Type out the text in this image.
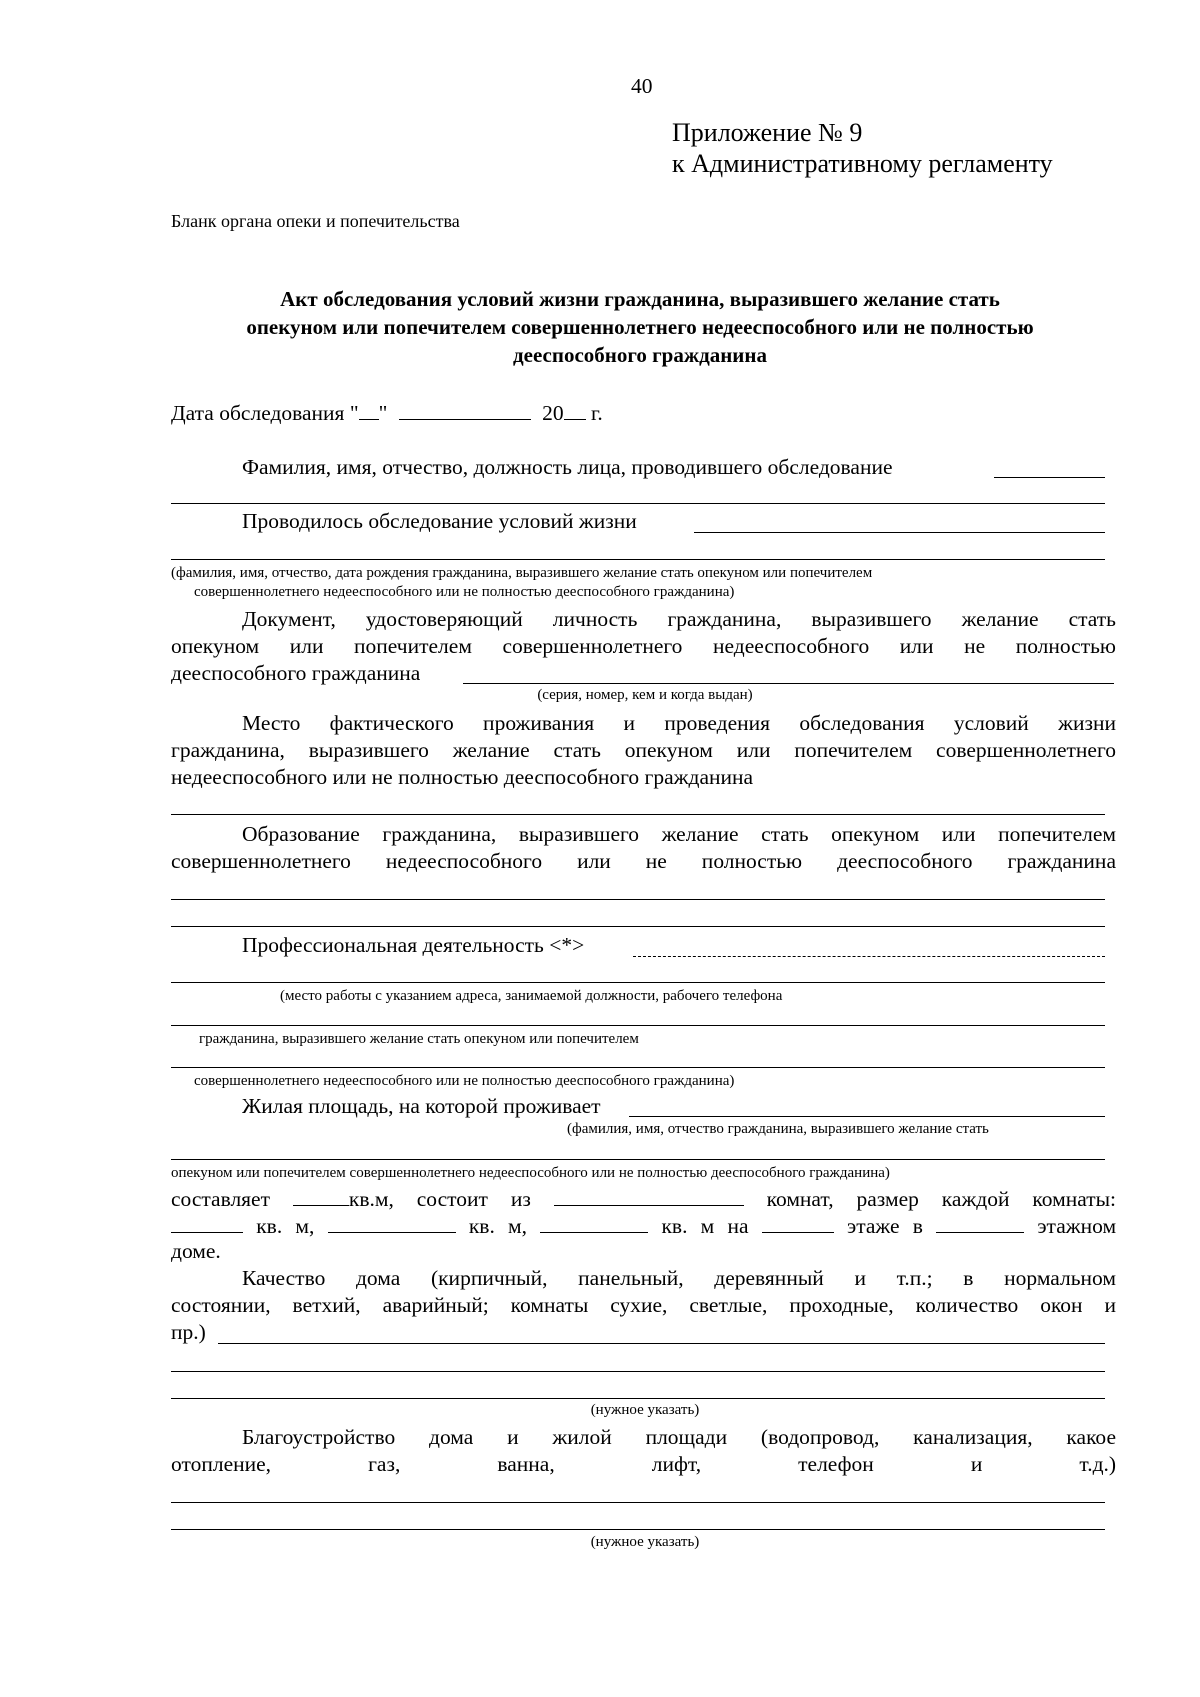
40
Приложение № 9
к Административному регламенту
Бланк органа опеки и попечительства
Акт обследования условий жизни гражданина, выразившего желание стать
опекуном или попечителем совершеннолетнего недееспособного или не полностью
дееспособного гражданина
Дата обследования " "	20 г.
Фамилия, имя, отчество, должность лица, проводившего обследование
Проводилось обследование условий жизни
(фамилия, имя, отчество, дата рождения гражданина, выразившего желание стать опекуном или попечителем
совершеннолетнего недееспособного или не полностью дееспособного гражданина)
Документ, удостоверяющий личность гражданина, выразившего желание стать
опекуном или попечителем совершеннолетнего недееспособного или не полностью
дееспособного гражданина
(серия, номер, кем и когда выдан)
Место фактического проживания и проведения обследования условий жизни
гражданина, выразившего желание стать опекуном или попечителем совершеннолетнего
недееспособного или не полностью дееспособного гражданина
Образование гражданина, выразившего желание стать опекуном или попечителем
совершеннолетнего недееспособного или не полностью дееспособного гражданина
Профессиональная деятельность <*>
(место работы с указанием адреса, занимаемой должности, рабочего телефона
гражданина, выразившего желание стать опекуном или попечителем
совершеннолетнего недееспособного или не полностью дееспособного гражданина)
Жилая площадь, на которой проживает
(фамилия, имя, отчество гражданина, выразившего желание стать
опекуном или попечителем совершеннолетнего недееспособного или не полностью дееспособного гражданина)
составляет	кв.м, состоит из	комнат, размер каждой комнаты:
кв. м,	кв. м,	кв. м на	этаже в	этажном
доме.
Качество дома (кирпичный, панельный, деревянный и т.п.; в нормальном
состоянии, ветхий, аварийный; комнаты сухие, светлые, проходные, количество окон и
пр.)
(нужное указать)
Благоустройство дома и жилой площади (водопровод, канализация, какое
отопление,	газ,	ванна,	лифт,	телефон	и	т.д.)
(нужное указать)
